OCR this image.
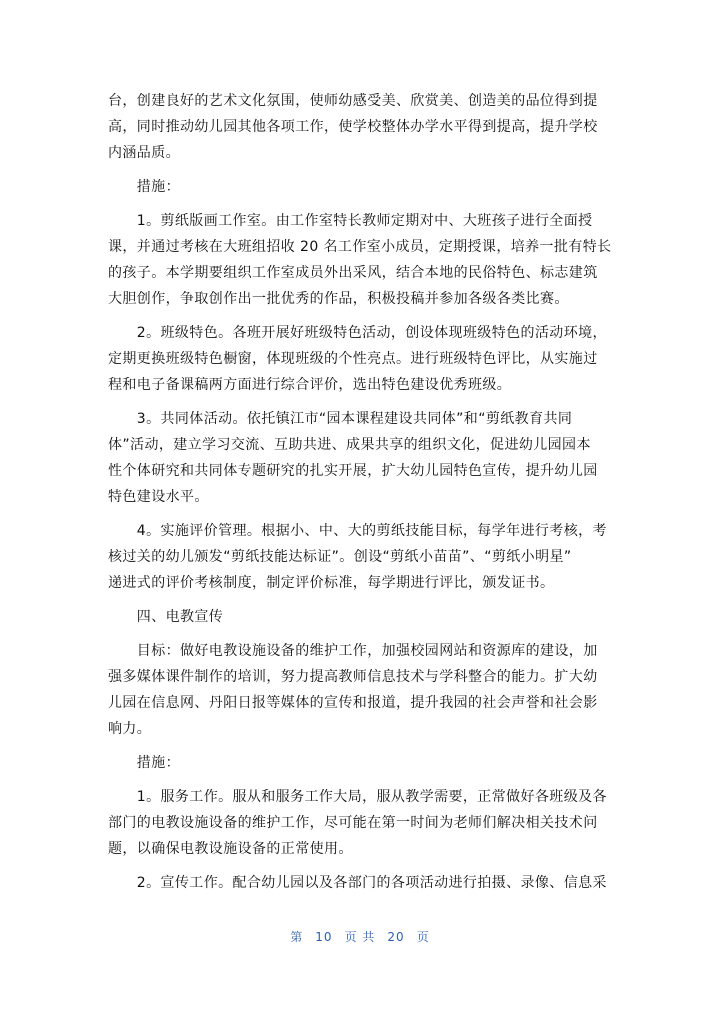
台，创建良好的艺术文化氛围，使师幼感受美、欣赏美、创造美的品位得到提
高，同时推动幼儿园其他各项工作，使学校整体办学水平得到提高，提升学校
内涵品质。
　　措施：
　　1。剪纸版画工作室。由工作室特长教师定期对中、大班孩子进行全面授
课，并通过考核在大班组招收 20 名工作室小成员，定期授课，培养一批有特长
的孩子。本学期要组织工作室成员外出采风，结合本地的民俗特色、标志建筑
大胆创作，争取创作出一批优秀的作品，积极投稿并参加各级各类比赛。
　　2。班级特色。各班开展好班级特色活动，创设体现班级特色的活动环境，
定期更换班级特色橱窗，体现班级的个性亮点。进行班级特色评比，从实施过
程和电子备课稿两方面进行综合评价，选出特色建设优秀班级。
　　3。共同体活动。依托镇江市“园本课程建设共同体”和“剪纸教育共同
体”活动，建立学习交流、互助共进、成果共享的组织文化，促进幼儿园园本
性个体研究和共同体专题研究的扎实开展，扩大幼儿园特色宣传，提升幼儿园
特色建设水平。
　　4。实施评价管理。根据小、中、大的剪纸技能目标，每学年进行考核，考
核过关的幼儿颁发“剪纸技能达标证”。创设“剪纸小苗苗”、“剪纸小明星”
递进式的评价考核制度，制定评价标准，每学期进行评比，颁发证书。
　　四、电教宣传
　　目标：做好电教设施设备的维护工作，加强校园网站和资源库的建设，加
强多媒体课件制作的培训，努力提高教师信息技术与学科整合的能力。扩大幼
儿园在信息网、丹阳日报等媒体的宣传和报道，提升我园的社会声誉和社会影
响力。
　　措施：
　　1。服务工作。服从和服务工作大局，服从教学需要，正常做好各班级及各
部门的电教设施设备的维护工作，尽可能在第一时间为老师们解决相关技术问
题，以确保电教设施设备的正常使用。
　　2。宣传工作。配合幼儿园以及各部门的各项活动进行拍摄、录像、信息采
第 10 页 共 20 页
